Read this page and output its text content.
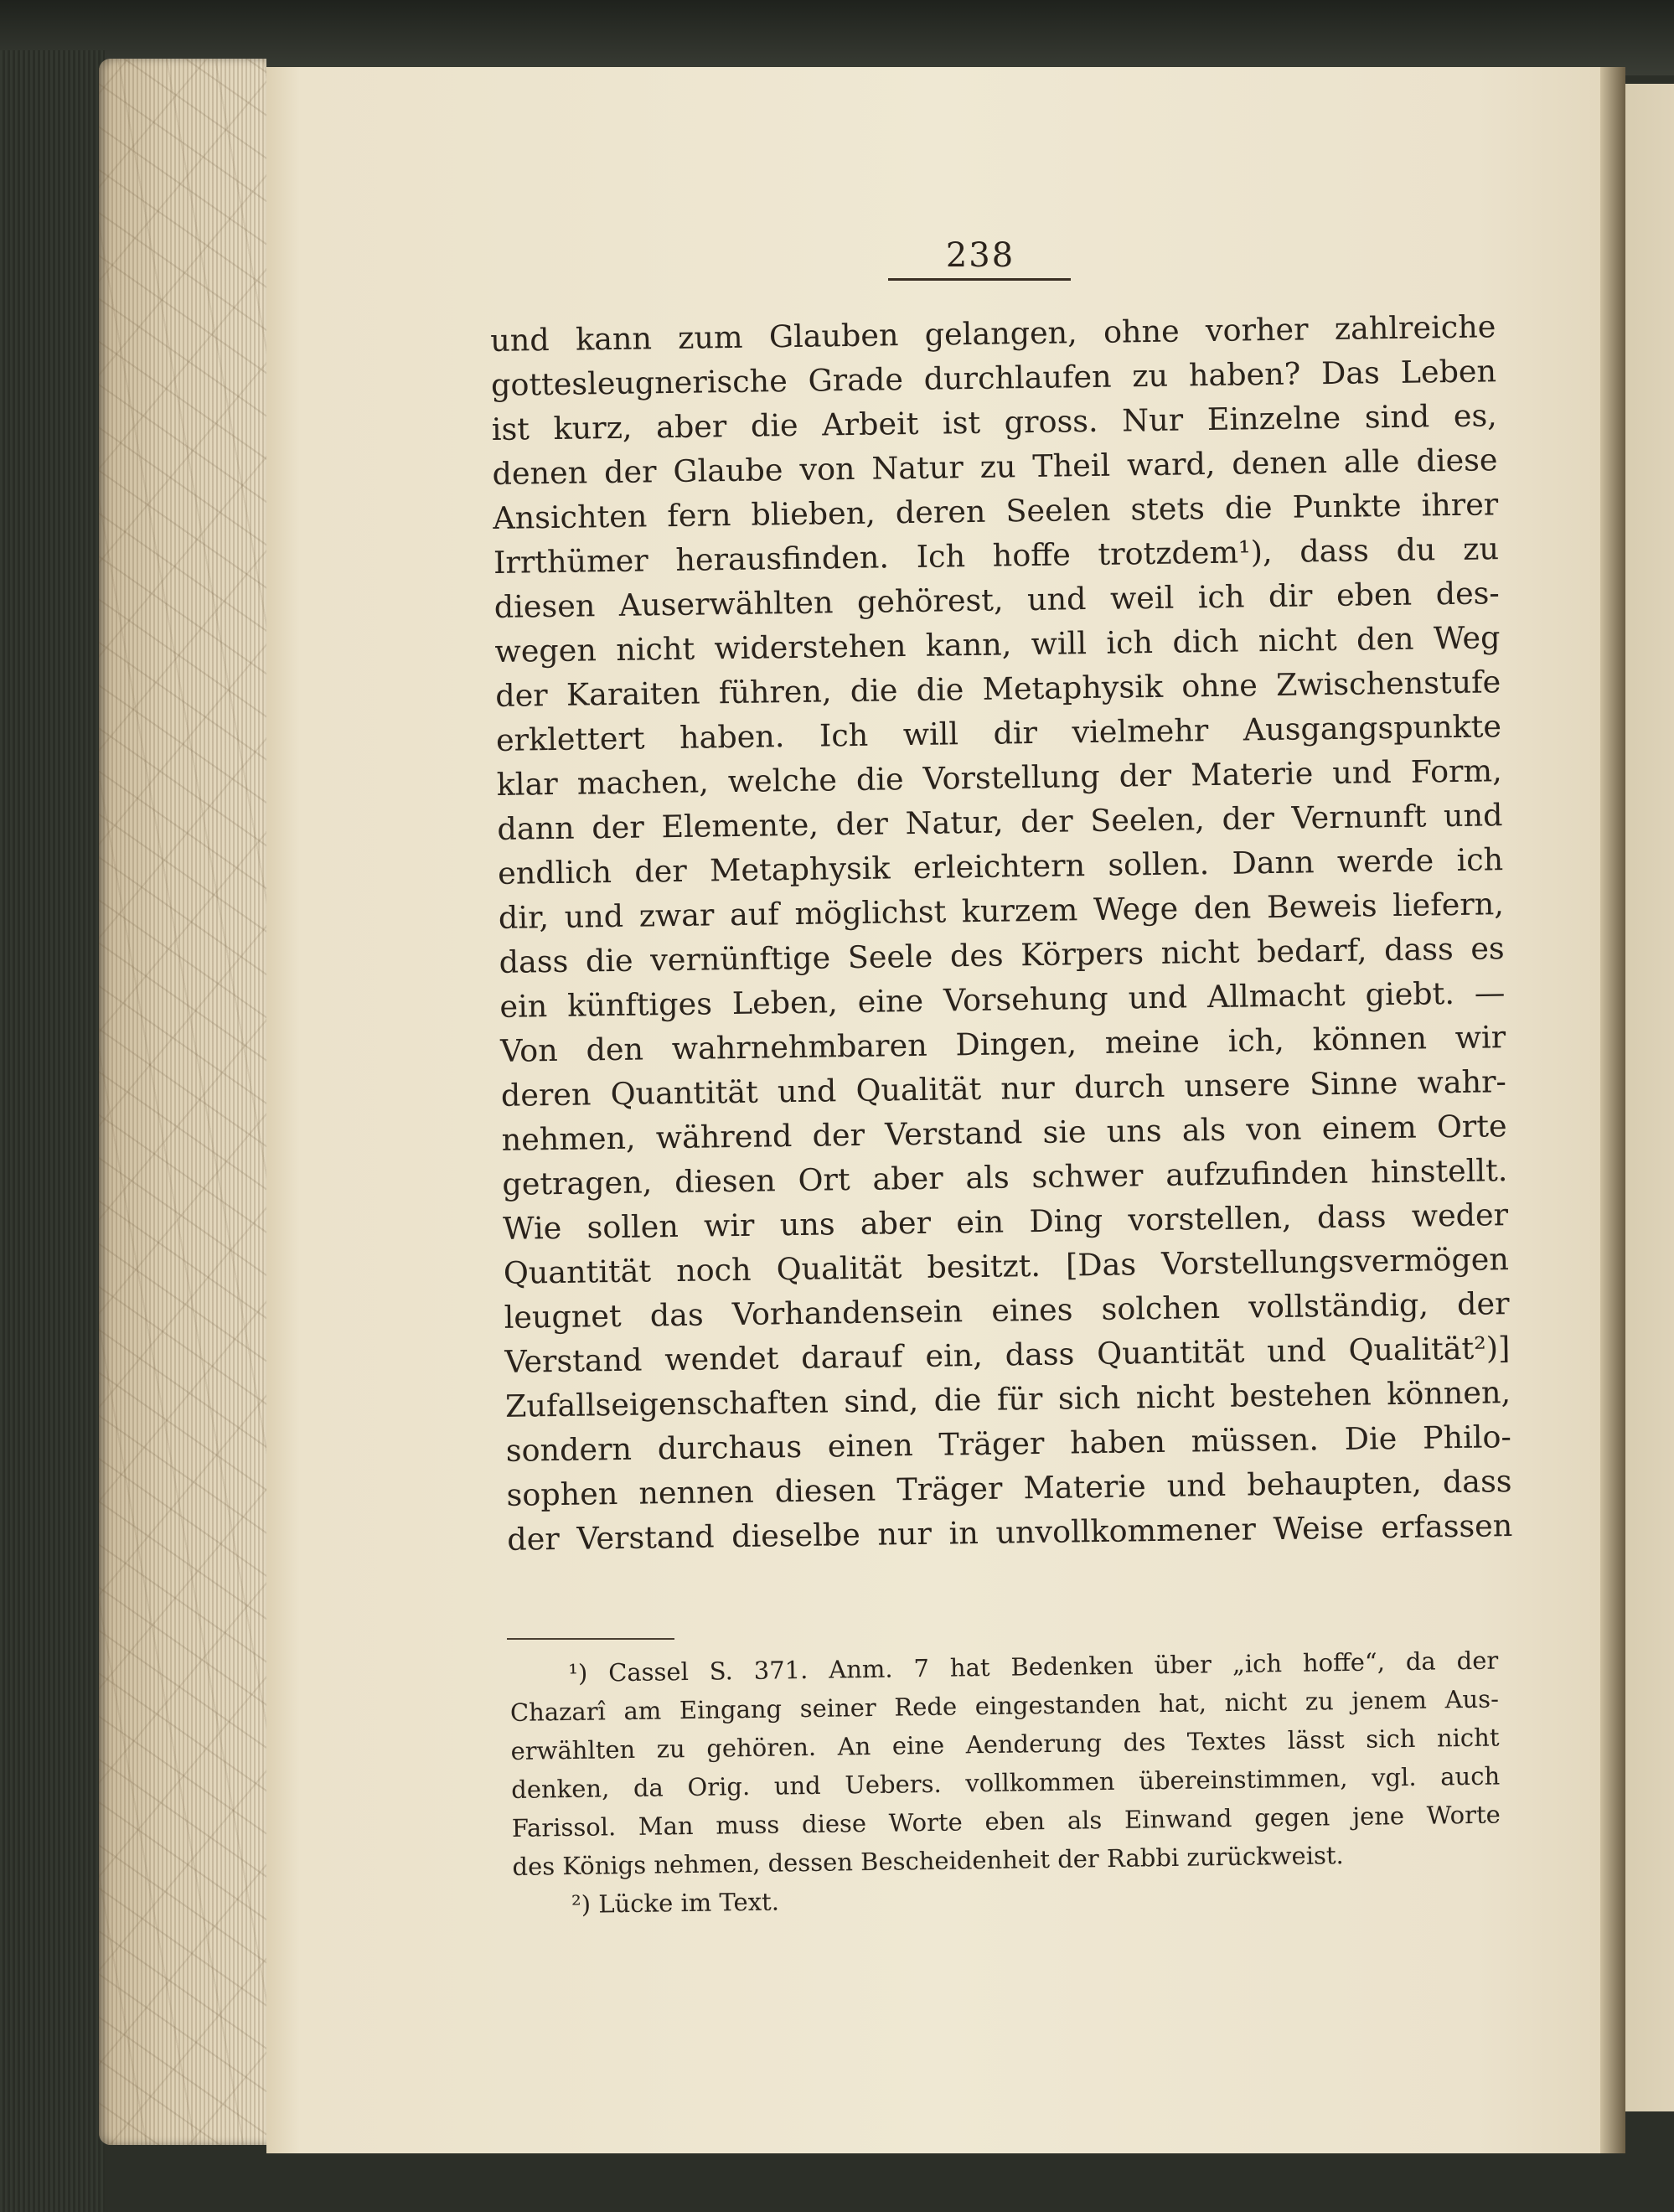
238
und kann zum Glauben gelangen, ohne vorher zahlreiche
gottesleugnerische Grade durchlaufen zu haben? Das Leben
ist kurz, aber die Arbeit ist gross. Nur Einzelne sind es,
denen der Glaube von Natur zu Theil ward, denen alle diese
Ansichten fern blieben, deren Seelen stets die Punkte ihrer
Irrthümer herausfinden. Ich hoffe trotzdem¹), dass du zu
diesen Auserwählten gehörest, und weil ich dir eben des-
wegen nicht widerstehen kann, will ich dich nicht den Weg
der Karaiten führen, die die Metaphysik ohne Zwischenstufe
erklettert haben. Ich will dir vielmehr Ausgangspunkte
klar machen, welche die Vorstellung der Materie und Form,
dann der Elemente, der Natur, der Seelen, der Vernunft und
endlich der Metaphysik erleichtern sollen. Dann werde ich
dir, und zwar auf möglichst kurzem Wege den Beweis liefern,
dass die vernünftige Seele des Körpers nicht bedarf, dass es
ein künftiges Leben, eine Vorsehung und Allmacht giebt. —
Von den wahrnehmbaren Dingen, meine ich, können wir
deren Quantität und Qualität nur durch unsere Sinne wahr-
nehmen, während der Verstand sie uns als von einem Orte
getragen, diesen Ort aber als schwer aufzufinden hinstellt.
Wie sollen wir uns aber ein Ding vorstellen, dass weder
Quantität noch Qualität besitzt. [Das Vorstellungsvermögen
leugnet das Vorhandensein eines solchen vollständig, der
Verstand wendet darauf ein, dass Quantität und Qualität²)]
Zufallseigenschaften sind, die für sich nicht bestehen können,
sondern durchaus einen Träger haben müssen. Die Philo-
sophen nennen diesen Träger Materie und behaupten, dass
der Verstand dieselbe nur in unvollkommener Weise erfassen
¹) Cassel S. 371. Anm. 7 hat Bedenken über „ich hoffe“, da der
Chazarî am Eingang seiner Rede eingestanden hat, nicht zu jenem Aus-
erwählten zu gehören. An eine Aenderung des Textes lässt sich nicht
denken, da Orig. und Uebers. vollkommen übereinstimmen, vgl. auch
Farissol. Man muss diese Worte eben als Einwand gegen jene Worte
des Königs nehmen, dessen Bescheidenheit der Rabbi zurückweist.
²) Lücke im Text.
